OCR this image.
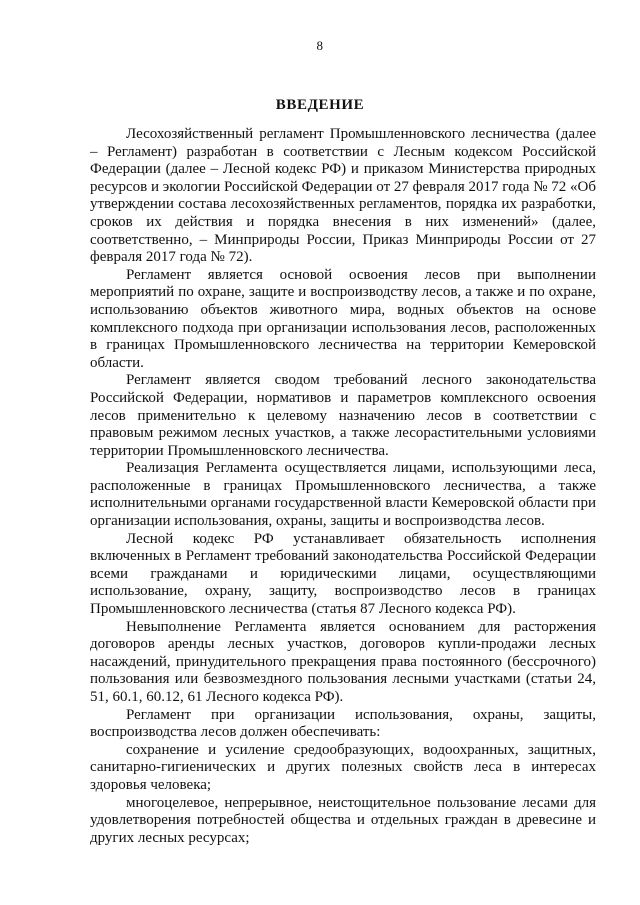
8
ВВЕДЕНИЕ

Лесохозяйственный регламент Промышленновского лесничества (далее – Регламент) разработан в соответствии с Лесным кодексом Российской Федерации (далее – Лесной кодекс РФ) и приказом Министерства природных ресурсов и экологии Российской Федерации от 27 февраля 2017 года № 72 «Об утверждении состава лесохозяйственных регламентов, порядка их разработки, сроков их действия и порядка внесения в них изменений» (далее, соответственно, – Минприроды России, Приказ Минприроды России от 27 февраля 2017 года № 72).

Регламент является основой освоения лесов при выполнении мероприятий по охране, защите и воспроизводству лесов, а также и по охране, использованию объектов животного мира, водных объектов на основе комплексного подхода при организации использования лесов, расположенных в границах Промышленновского лесничества на территории Кемеровской области.

Регламент является сводом требований лесного законодательства Российской Федерации, нормативов и параметров комплексного освоения лесов применительно к целевому назначению лесов в соответствии с правовым режимом лесных участков, а также лесорастительными условиями территории Промышленновского лесничества.

Реализация Регламента осуществляется лицами, использующими леса, расположенные в границах Промышленновского лесничества, а также исполнительными органами государственной власти Кемеровской области при организации использования, охраны, защиты и воспроизводства лесов.

Лесной кодекс РФ устанавливает обязательность исполнения включенных в Регламент требований законодательства Российской Федерации всеми гражданами и юридическими лицами, осуществляющими использование, охрану, защиту, воспроизводство лесов в границах Промышленновского лесничества (статья 87 Лесного кодекса РФ).

Невыполнение Регламента является основанием для расторжения договоров аренды лесных участков, договоров купли-продажи лесных насаждений, принудительного прекращения права постоянного (бессрочного) пользования или безвозмездного пользования лесными участками (статьи 24, 51, 60.1, 60.12, 61 Лесного кодекса РФ).

Регламент при организации использования, охраны, защиты, воспроизводства лесов должен обеспечивать:

сохранение и усиление средообразующих, водоохранных, защитных, санитарно-гигиенических и других полезных свойств леса в интересах здоровья человека;

многоцелевое, непрерывное, неистощительное пользование лесами для удовлетворения потребностей общества и отдельных граждан в древесине и других лесных ресурсах;
